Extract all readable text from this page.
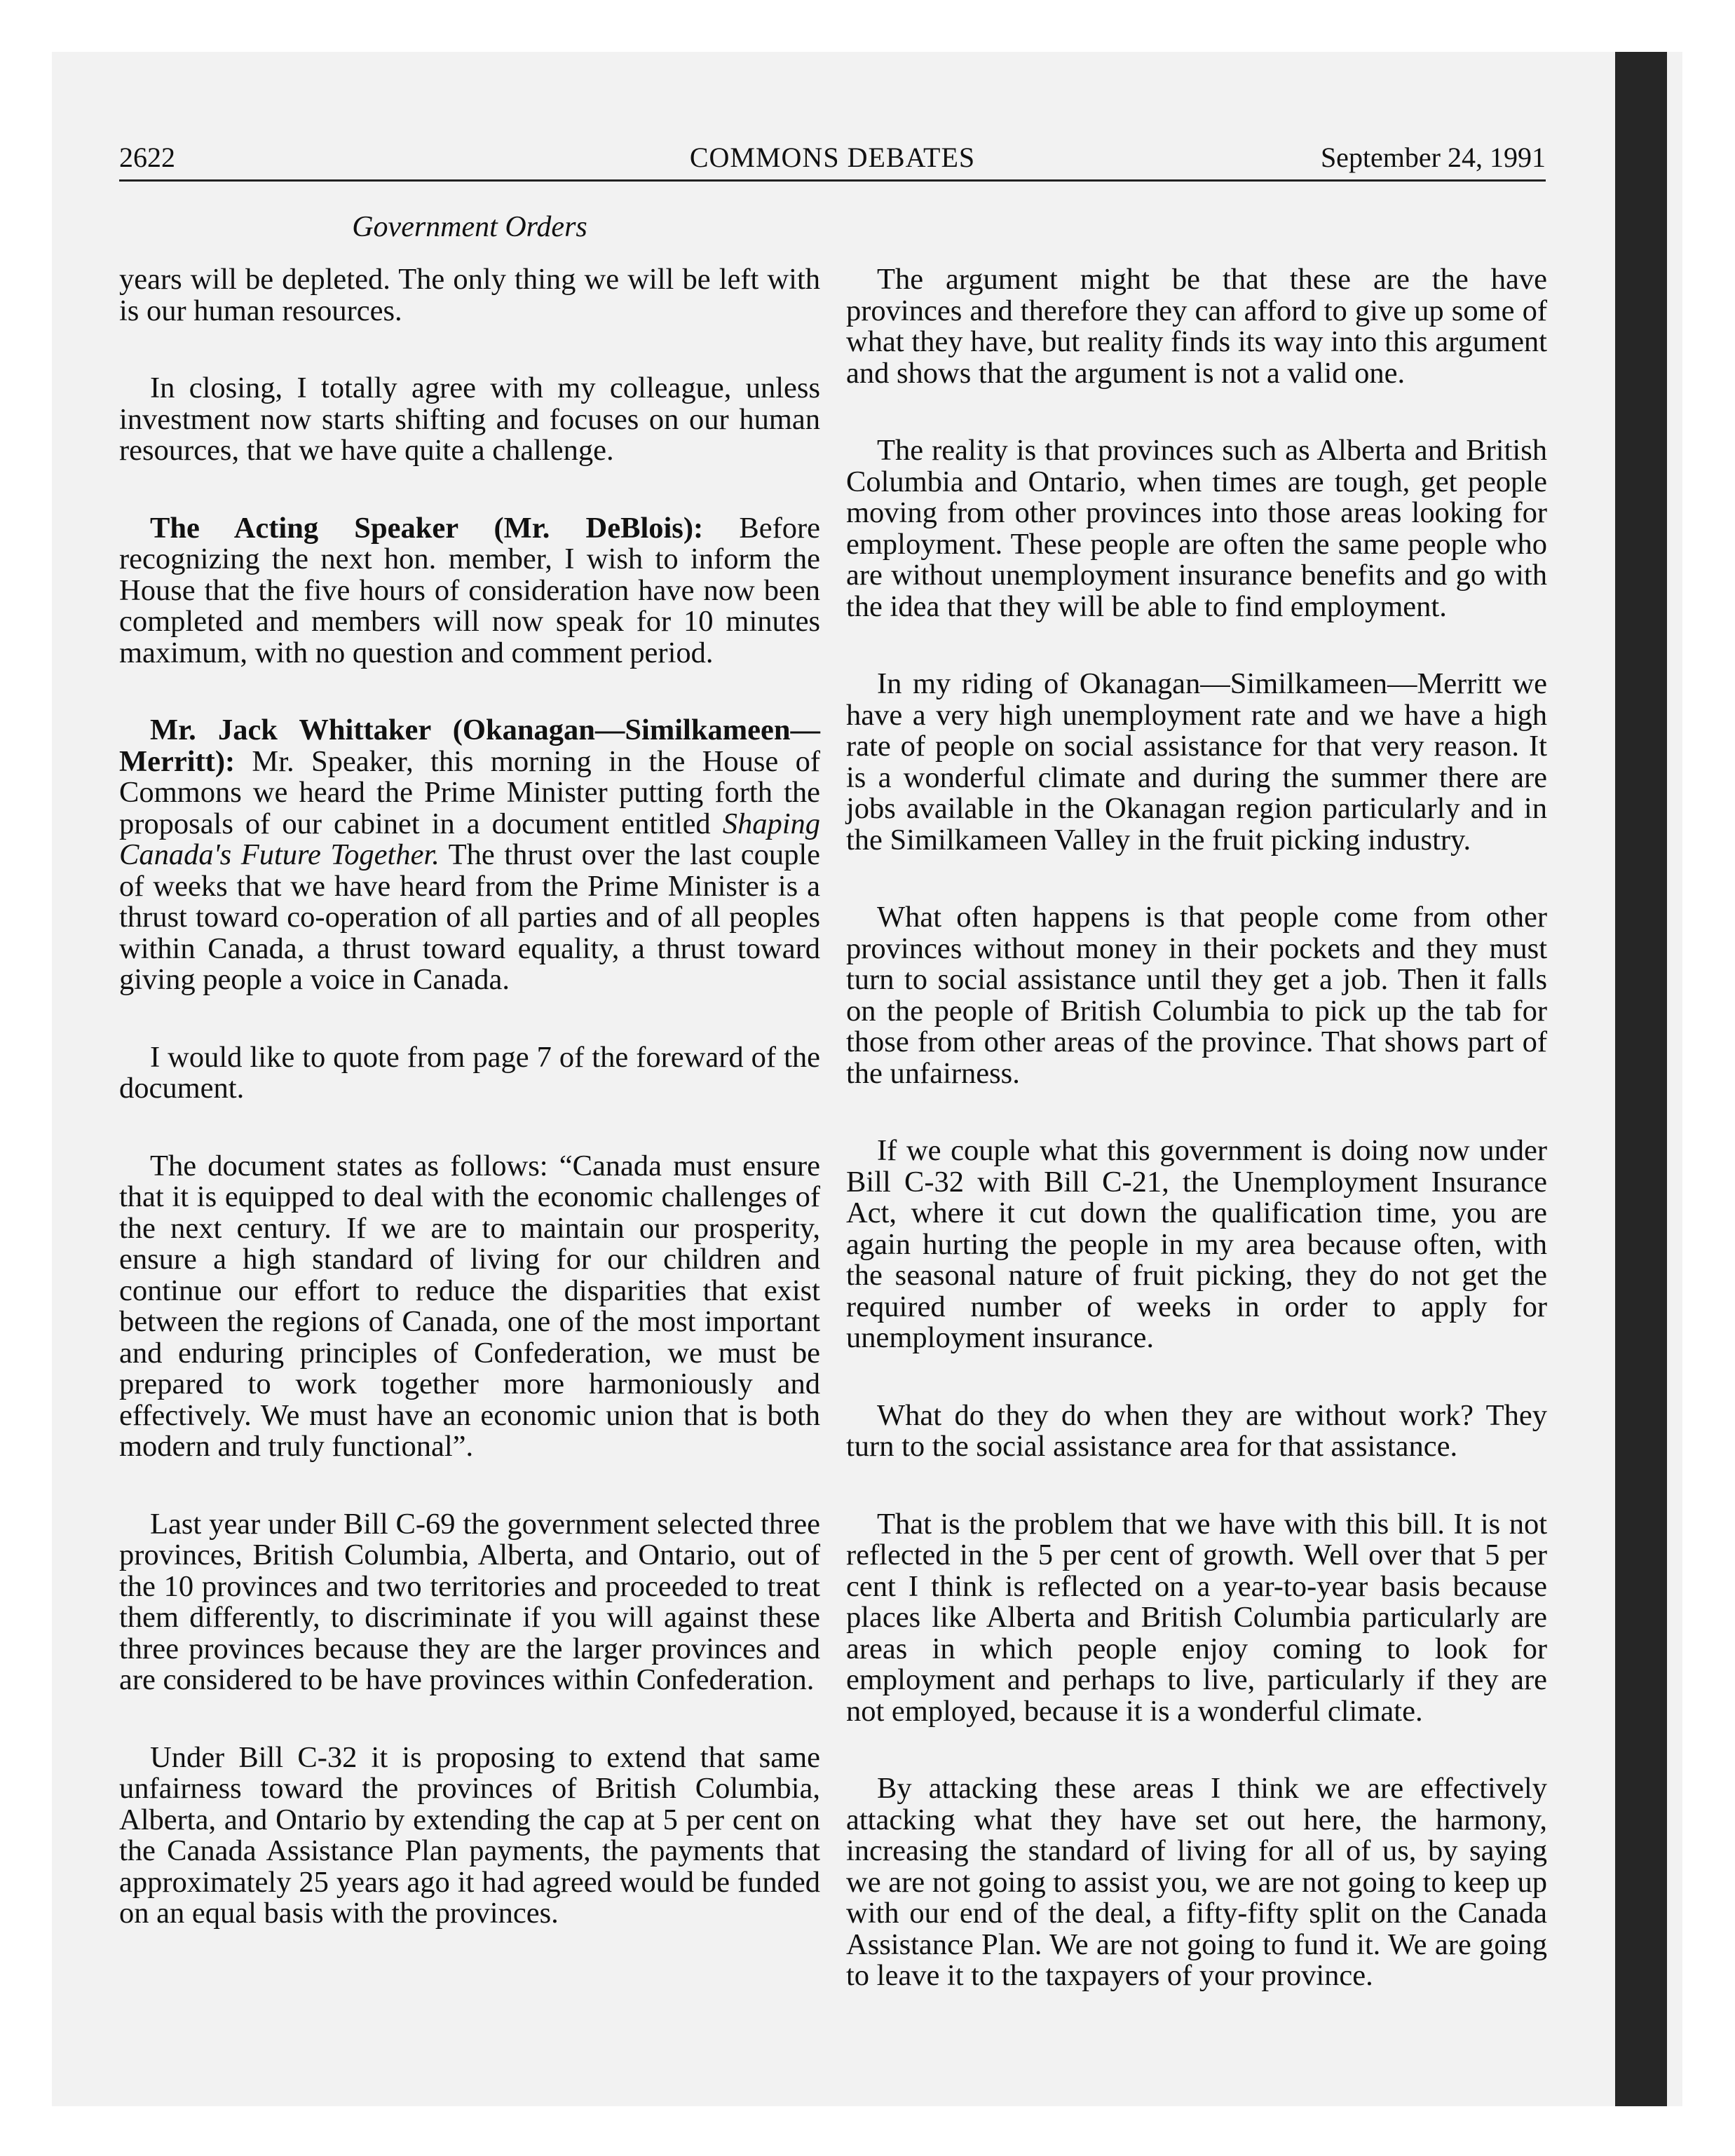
2622	COMMONS DEBATES	September 24, 1991
Government Orders

years will be depleted. The only thing we will be left with is our human resources.

In closing, I totally agree with my colleague, unless investment now starts shifting and focuses on our human resources, that we have quite a challenge.

The Acting Speaker (Mr. DeBlois): Before recognizing the next hon. member, I wish to inform the House that the five hours of consideration have now been completed and members will now speak for 10 minutes maximum, with no question and comment period.

Mr. Jack Whittaker (Okanagan—Similkameen—Merritt): Mr. Speaker, this morning in the House of Commons we heard the Prime Minister putting forth the proposals of our cabinet in a document entitled Shaping Canada's Future Together. The thrust over the last couple of weeks that we have heard from the Prime Minister is a thrust toward co-operation of all parties and of all peoples within Canada, a thrust toward equality, a thrust toward giving people a voice in Canada.

I would like to quote from page 7 of the foreward of the document.

The document states as follows: “Canada must ensure that it is equipped to deal with the economic challenges of the next century. If we are to maintain our prosperity, ensure a high standard of living for our children and continue our effort to reduce the disparities that exist between the regions of Canada, one of the most important and enduring principles of Confederation, we must be prepared to work together more harmoniously and effectively. We must have an economic union that is both modern and truly functional”.

Last year under Bill C-69 the government selected three provinces, British Columbia, Alberta, and Ontario, out of the 10 provinces and two territories and proceeded to treat them differently, to discriminate if you will against these three provinces because they are the larger provinces and are considered to be have provinces within Confederation.

Under Bill C-32 it is proposing to extend that same unfairness toward the provinces of British Columbia, Alberta, and Ontario by extending the cap at 5 per cent on the Canada Assistance Plan payments, the payments that approximately 25 years ago it had agreed would be funded on an equal basis with the provinces.

The argument might be that these are the have provinces and therefore they can afford to give up some of what they have, but reality finds its way into this argument and shows that the argument is not a valid one.

The reality is that provinces such as Alberta and British Columbia and Ontario, when times are tough, get people moving from other provinces into those areas looking for employment. These people are often the same people who are without unemployment insurance benefits and go with the idea that they will be able to find employment.

In my riding of Okanagan—Similkameen—Merritt we have a very high unemployment rate and we have a high rate of people on social assistance for that very reason. It is a wonderful climate and during the summer there are jobs available in the Okanagan region particularly and in the Similkameen Valley in the fruit picking industry.

What often happens is that people come from other provinces without money in their pockets and they must turn to social assistance until they get a job. Then it falls on the people of British Columbia to pick up the tab for those from other areas of the province. That shows part of the unfairness.

If we couple what this government is doing now under Bill C-32 with Bill C-21, the Unemployment Insurance Act, where it cut down the qualification time, you are again hurting the people in my area because often, with the seasonal nature of fruit picking, they do not get the required number of weeks in order to apply for unemployment insurance.

What do they do when they are without work? They turn to the social assistance area for that assistance.

That is the problem that we have with this bill. It is not reflected in the 5 per cent of growth. Well over that 5 per cent I think is reflected on a year-to-year basis because places like Alberta and British Columbia particularly are areas in which people enjoy coming to look for employment and perhaps to live, particularly if they are not employed, because it is a wonderful climate.

By attacking these areas I think we are effectively attacking what they have set out here, the harmony, increasing the standard of living for all of us, by saying we are not going to assist you, we are not going to keep up with our end of the deal, a fifty-fifty split on the Canada Assistance Plan. We are not going to fund it. We are going to leave it to the taxpayers of your province.
